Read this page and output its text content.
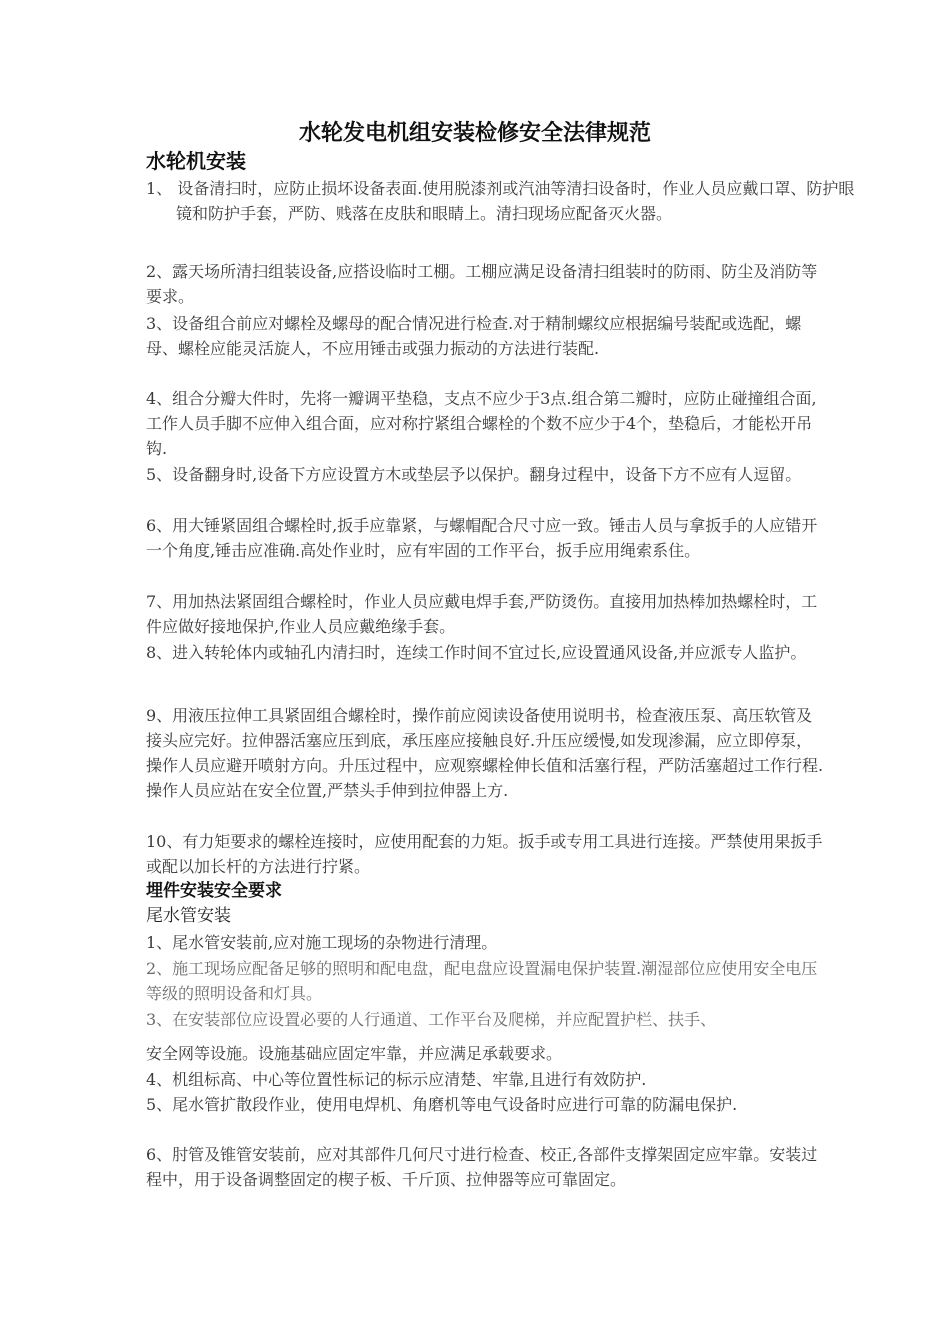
水轮发电机组安装检修安全法律规范
水轮机安装
1、 设备清扫时，应防止损坏设备表面.使用脱漆剂或汽油等清扫设备时，作业人员应戴口罩、防护眼镜和防护手套，严防、贱落在皮肤和眼睛上。清扫现场应配备灭火器。
2、露天场所清扫组装设备,应搭设临时工棚。工棚应满足设备清扫组装时的防雨、防尘及消防等要求。
3、设备组合前应对螺栓及螺母的配合情况进行检查.对于精制螺纹应根据编号装配或选配，螺母、螺栓应能灵活旋人，不应用锤击或强力振动的方法进行装配.
4、组合分瓣大件时，先将一瓣调平垫稳，支点不应少于3点.组合第二瓣时，应防止碰撞组合面,工作人员手脚不应伸入组合面，应对称拧紧组合螺栓的个数不应少于4个，垫稳后，才能松开吊钩.
5、设备翻身时,设备下方应设置方木或垫层予以保护。翻身过程中，设备下方不应有人逗留。
6、用大锤紧固组合螺栓时,扳手应靠紧，与螺帽配合尺寸应一致。锤击人员与拿扳手的人应错开一个角度,锤击应准确.高处作业时，应有牢固的工作平台，扳手应用绳索系住。
7、用加热法紧固组合螺栓时，作业人员应戴电焊手套,严防烫伤。直接用加热棒加热螺栓时，工件应做好接地保护,作业人员应戴绝缘手套。
8、进入转轮体内或轴孔内清扫时，连续工作时间不宜过长,应设置通风设备,并应派专人监护。
9、用液压拉伸工具紧固组合螺栓时，操作前应阅读设备使用说明书，检查液压泵、高压软管及接头应完好。拉伸器活塞应压到底，承压座应接触良好.升压应缓慢,如发现渗漏，应立即停泵，操作人员应避开喷射方向。升压过程中，应观察螺栓伸长值和活塞行程，严防活塞超过工作行程.操作人员应站在安全位置,严禁头手伸到拉伸器上方.
10、有力矩要求的螺栓连接时，应使用配套的力矩。扳手或专用工具进行连接。严禁使用果扳手或配以加长杆的方法进行拧紧。
埋件安装安全要求
尾水管安装
1、尾水管安装前,应对施工现场的杂物进行清理。
2、施工现场应配备足够的照明和配电盘，配电盘应设置漏电保护装置.潮湿部位应使用安全电压等级的照明设备和灯具。
3、在安装部位应设置必要的人行通道、工作平台及爬梯，并应配置护栏、扶手、
安全网等设施。设施基础应固定牢靠，并应满足承载要求。
4、机组标高、中心等位置性标记的标示应清楚、牢靠,且进行有效防护.
5、尾水管扩散段作业，使用电焊机、角磨机等电气设备时应进行可靠的防漏电保护.
6、肘管及锥管安装前，应对其部件几何尺寸进行检查、校正,各部件支撑架固定应牢靠。安装过程中，用于设备调整固定的楔子板、千斤顶、拉伸器等应可靠固定。
